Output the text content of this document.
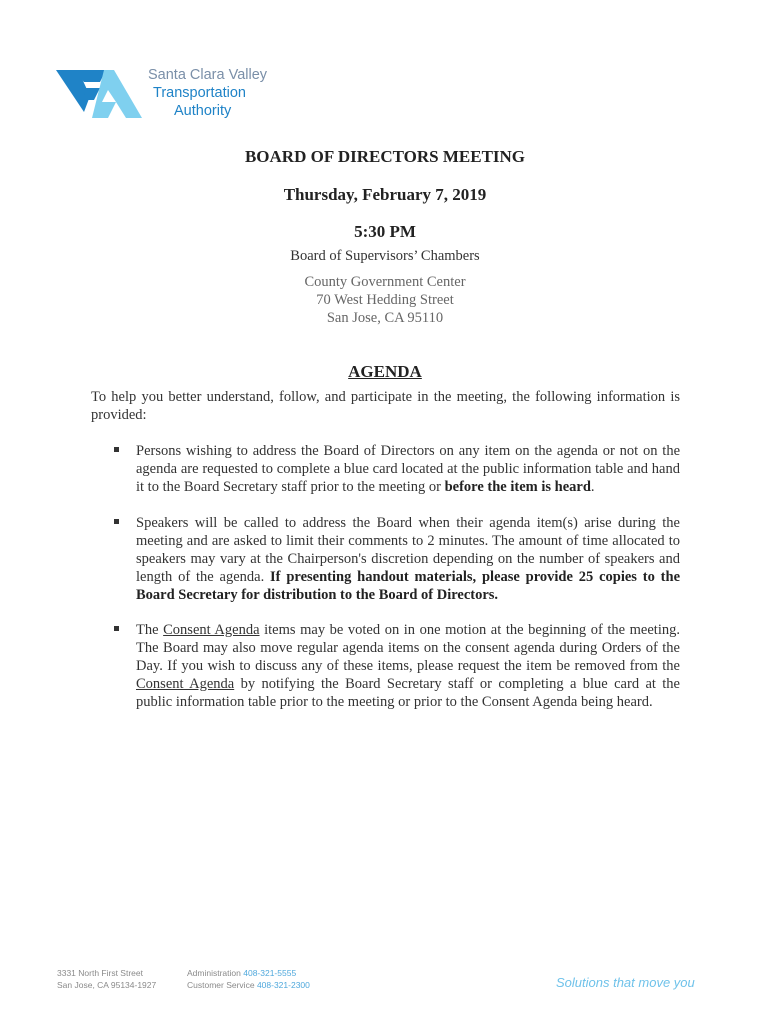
Santa Clara Valley
Transportation
Authority
BOARD OF DIRECTORS MEETING
Thursday, February 7, 2019
5:30 PM
Board of Supervisors’ Chambers
County Government Center
70 West Hedding Street
San Jose, CA 95110
AGENDA
To help you better understand, follow, and participate in the meeting, the following information is provided:
Persons wishing to address the Board of Directors on any item on the agenda or not on the agenda are requested to complete a blue card located at the public information table and hand it to the Board Secretary staff prior to the meeting or before the item is heard.
Speakers will be called to address the Board when their agenda item(s) arise during the meeting and are asked to limit their comments to 2 minutes. The amount of time allocated to speakers may vary at the Chairperson's discretion depending on the number of speakers and length of the agenda. If presenting handout materials, please provide 25 copies to the Board Secretary for distribution to the Board of Directors.
The Consent Agenda items may be voted on in one motion at the beginning of the meeting. The Board may also move regular agenda items on the consent agenda during Orders of the Day. If you wish to discuss any of these items, please request the item be removed from the Consent Agenda by notifying the Board Secretary staff or completing a blue card at the public information table prior to the meeting or prior to the Consent Agenda being heard.
3331 North First Street
San Jose, CA 95134-1927
Administration 408-321-5555
Customer Service 408-321-2300	Solutions that move you
